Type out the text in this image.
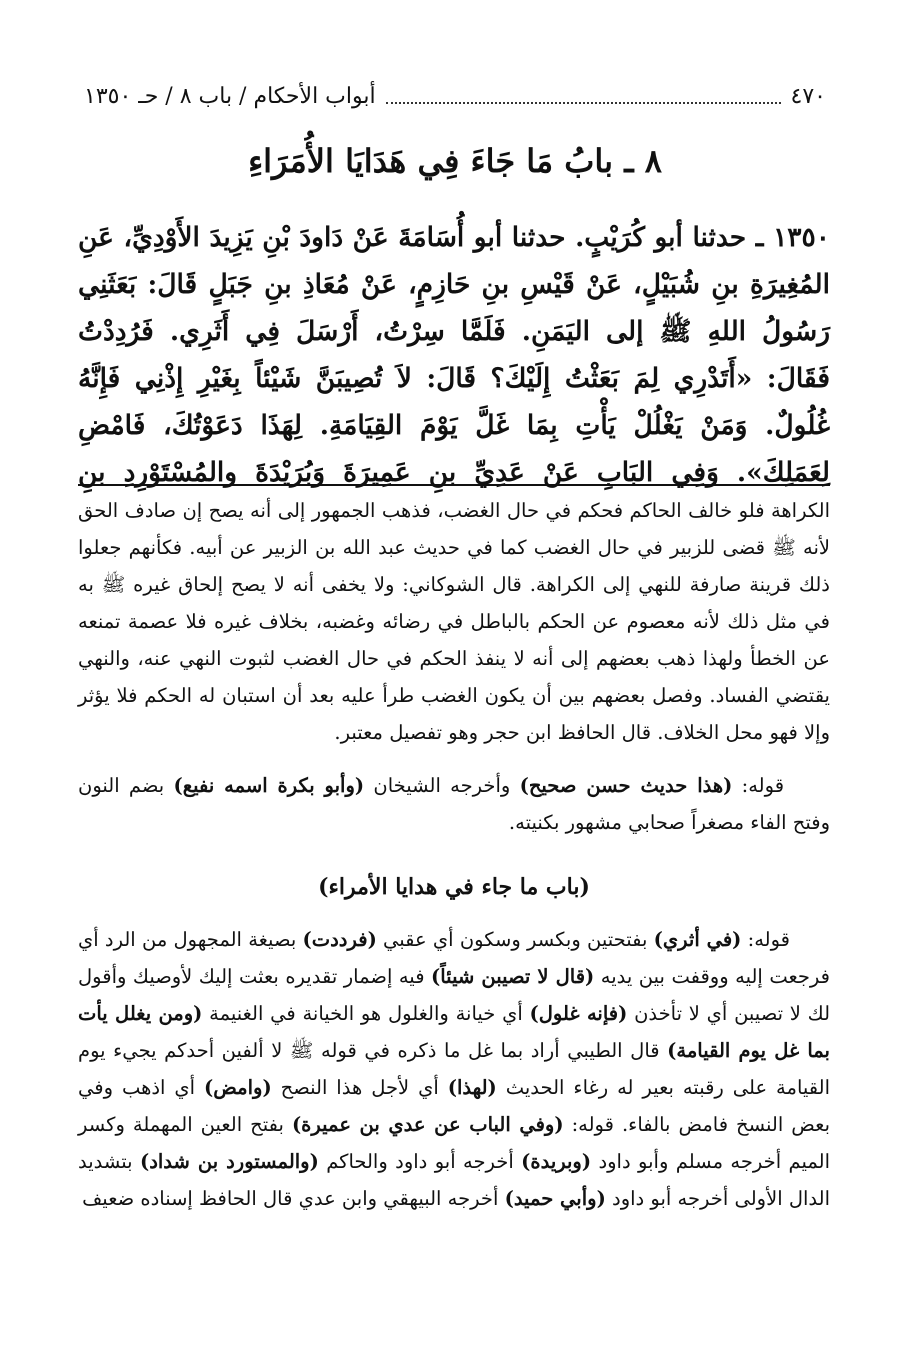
٤٧٠
أبواب الأحكام / باب ٨ / حـ ١٣٥٠
٨ ـ بابُ مَا جَاءَ فِي هَدَايَا الأُمَرَاءِ
١٣٥٠ ـ حدثنا أبو كُرَيْبٍ. حدثنا أبو أُسَامَةَ عَنْ دَاودَ بْنِ يَزِيدَ الأَوْدِيِّ، عَنِ المُغِيرَةِ بنِ شُبَيْلٍ، عَنْ قَيْسِ بنِ حَازِمٍ، عَنْ مُعَاذِ بنِ جَبَلٍ قَالَ: بَعَثَنِي رَسُولُ اللهِ ﷺ إلى اليَمَنِ. فَلَمَّا سِرْتُ، أَرْسَلَ فِي أَثَرِي. فَرُدِدْتُ فَقَالَ: «أَتَدْرِي لِمَ بَعَثْتُ إِلَيْكَ؟ قَالَ: لاَ تُصِيبَنَّ شَيْئاً بِغَيْرِ إِذْنِي فَإِنَّهُ غُلُولٌ. وَمَنْ يَغْلُلْ يَأْتِ بِمَا غَلَّ يَوْمَ القِيَامَةِ. لِهَذَا دَعَوْتُكَ، فَامْضِ لِعَمَلِكَ». وَفِي البَابِ عَنْ عَدِيِّ بنِ عَمِيرَةَ وَبُرَيْدَةَ والمُسْتَوْرِدِ بنِ

الكراهة فلو خالف الحاكم فحكم في حال الغضب، فذهب الجمهور إلى أنه يصح إن صادف الحق لأنه ﷺ قضى للزبير في حال الغضب كما في حديث عبد الله بن الزبير عن أبيه. فكأنهم جعلوا ذلك قرينة صارفة للنهي إلى الكراهة. قال الشوكاني: ولا يخفى أنه لا يصح إلحاق غيره ﷺ به في مثل ذلك لأنه معصوم عن الحكم بالباطل في رضائه وغضبه، بخلاف غيره فلا عصمة تمنعه عن الخطأ ولهذا ذهب بعضهم إلى أنه لا ينفذ الحكم في حال الغضب لثبوت النهي عنه، والنهي يقتضي الفساد. وفصل بعضهم بين أن يكون الغضب طرأ عليه بعد أن استبان له الحكم فلا يؤثر وإلا فهو محل الخلاف. قال الحافظ ابن حجر وهو تفصيل معتبر.

قوله: (هذا حديث حسن صحيح) وأخرجه الشيخان (وأبو بكرة اسمه نفيع) بضم النون وفتح الفاء مصغراً صحابي مشهور بكنيته.

(باب ما جاء في هدايا الأمراء)

قوله: (في أثري) بفتحتين وبكسر وسكون أي عقبي (فرددت) بصيغة المجهول من الرد أي فرجعت إليه ووقفت بين يديه (قال لا تصيبن شيئاً) فيه إضمار تقديره بعثت إليك لأوصيك وأقول لك لا تصيبن أي لا تأخذن (فإنه غلول) أي خيانة والغلول هو الخيانة في الغنيمة (ومن يغلل يأت بما غل يوم القيامة) قال الطيبي أراد بما غل ما ذكره في قوله ﷺ لا ألفين أحدكم يجيء يوم القيامة على رقبته بعير له رغاء الحديث (لهذا) أي لأجل هذا النصح (وامض) أي اذهب وفي بعض النسخ فامض بالفاء. قوله: (وفي الباب عن عدي بن عميرة) بفتح العين المهملة وكسر الميم أخرجه مسلم وأبو داود (وبريدة) أخرجه أبو داود والحاكم (والمستورد بن شداد) بتشديد الدال الأولى أخرجه أبو داود (وأبي حميد) أخرجه البيهقي وابن عدي قال الحافظ إسناده ضعيف
